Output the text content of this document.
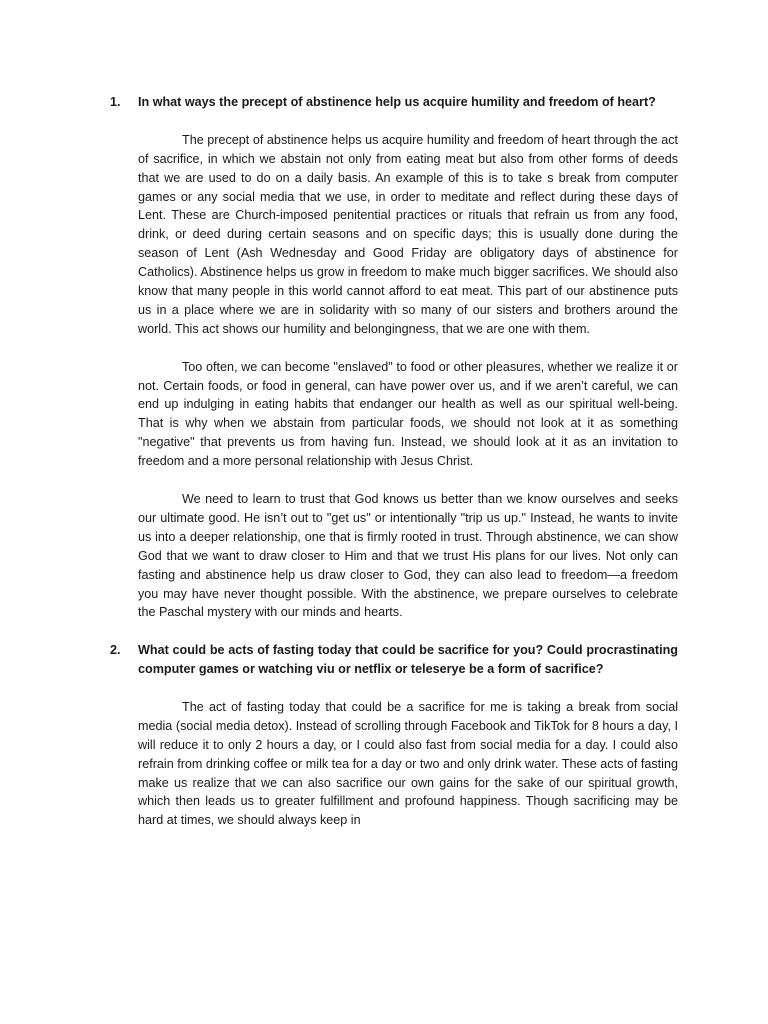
1.	In what ways the precept of abstinence help us acquire humility and freedom of heart?

The precept of abstinence helps us acquire humility and freedom of heart through the act of sacrifice, in which we abstain not only from eating meat but also from other forms of deeds that we are used to do on a daily basis. An example of this is to take s break from computer games or any social media that we use, in order to meditate and reflect during these days of Lent. These are Church-imposed penitential practices or rituals that refrain us from any food, drink, or deed during certain seasons and on specific days; this is usually done during the season of Lent (Ash Wednesday and Good Friday are obligatory days of abstinence for Catholics). Abstinence helps us grow in freedom to make much bigger sacrifices. We should also know that many people in this world cannot afford to eat meat. This part of our abstinence puts us in a place where we are in solidarity with so many of our sisters and brothers around the world. This act shows our humility and belongingness, that we are one with them.

Too often, we can become "enslaved" to food or other pleasures, whether we realize it or not. Certain foods, or food in general, can have power over us, and if we aren’t careful, we can end up indulging in eating habits that endanger our health as well as our spiritual well-being. That is why when we abstain from particular foods, we should not look at it as something "negative" that prevents us from having fun. Instead, we should look at it as an invitation to freedom and a more personal relationship with Jesus Christ.

We need to learn to trust that God knows us better than we know ourselves and seeks our ultimate good. He isn’t out to "get us" or intentionally "trip us up." Instead, he wants to invite us into a deeper relationship, one that is firmly rooted in trust. Through abstinence, we can show God that we want to draw closer to Him and that we trust His plans for our lives. Not only can fasting and abstinence help us draw closer to God, they can also lead to freedom—a freedom you may have never thought possible. With the abstinence, we prepare ourselves to celebrate the Paschal mystery with our minds and hearts.

2.	What could be acts of fasting today that could be sacrifice for you? Could procrastinating computer games or watching viu or netflix or teleserye be a form of sacrifice?

The act of fasting today that could be a sacrifice for me is taking a break from social media (social media detox). Instead of scrolling through Facebook and TikTok for 8 hours a day, I will reduce it to only 2 hours a day, or I could also fast from social media for a day. I could also refrain from drinking coffee or milk tea for a day or two and only drink water. These acts of fasting make us realize that we can also sacrifice our own gains for the sake of our spiritual growth, which then leads us to greater fulfillment and profound happiness. Though sacrificing may be hard at times, we should always keep in
